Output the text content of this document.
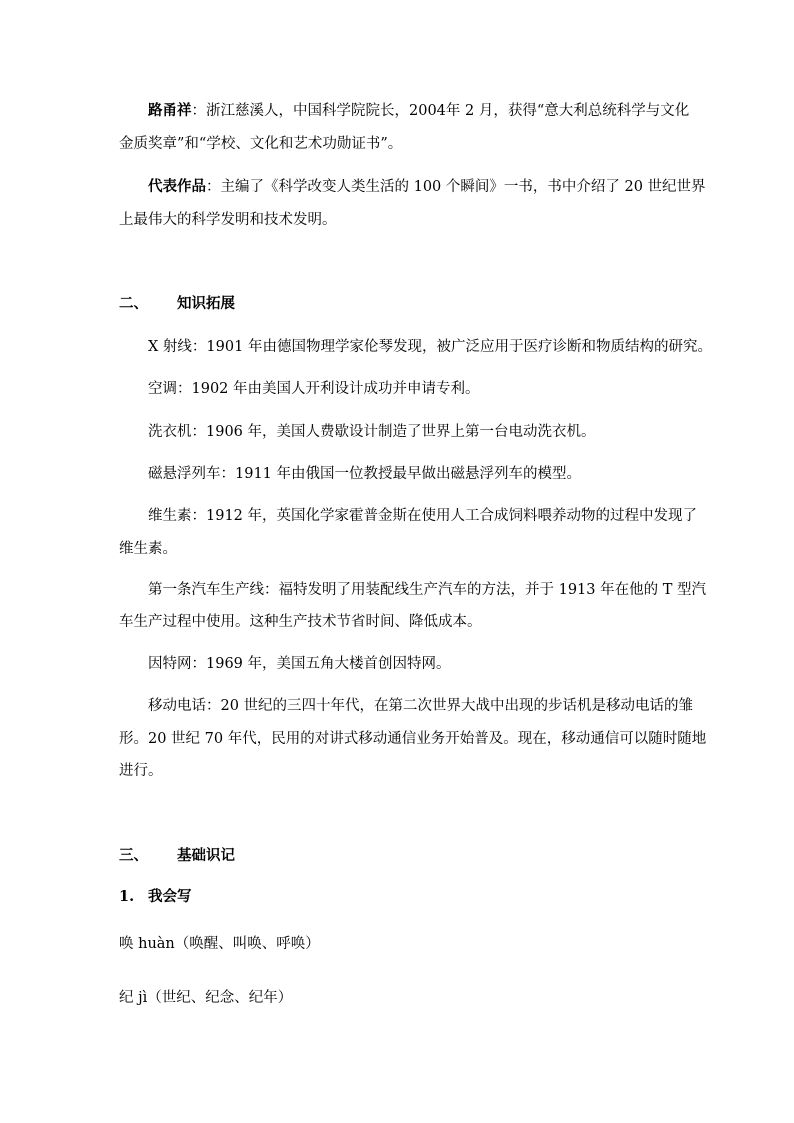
路甬祥：浙江慈溪人，中国科学院院长，2004年 2 月，获得“意大利总统科学与文化
金质奖章”和“学校、文化和艺术功勋证书”。
代表作品：主编了《科学改变人类生活的 100 个瞬间》一书，书中介绍了 20 世纪世界
上最伟大的科学发明和技术发明。
二、 知识拓展
X 射线：1901 年由德国物理学家伦琴发现，被广泛应用于医疗诊断和物质结构的研究。
空调：1902 年由美国人开利设计成功并申请专利。
洗衣机：1906 年，美国人费歇设计制造了世界上第一台电动洗衣机。
磁悬浮列车：1911 年由俄国一位教授最早做出磁悬浮列车的模型。
维生素：1912 年，英国化学家霍普金斯在使用人工合成饲料喂养动物的过程中发现了
维生素。
第一条汽车生产线：福特发明了用装配线生产汽车的方法，并于 1913 年在他的 T 型汽
车生产过程中使用。这种生产技术节省时间、降低成本。
因特网：1969 年，美国五角大楼首创因特网。
移动电话：20 世纪的三四十年代，在第二次世界大战中出现的步话机是移动电话的雏
形。20 世纪 70 年代，民用的对讲式移动通信业务开始普及。现在，移动通信可以随时随地
进行。
三、 基础识记
1. 我会写
唤 huàn（唤醒、叫唤、呼唤）
纪 jì（世纪、纪念、纪年）
